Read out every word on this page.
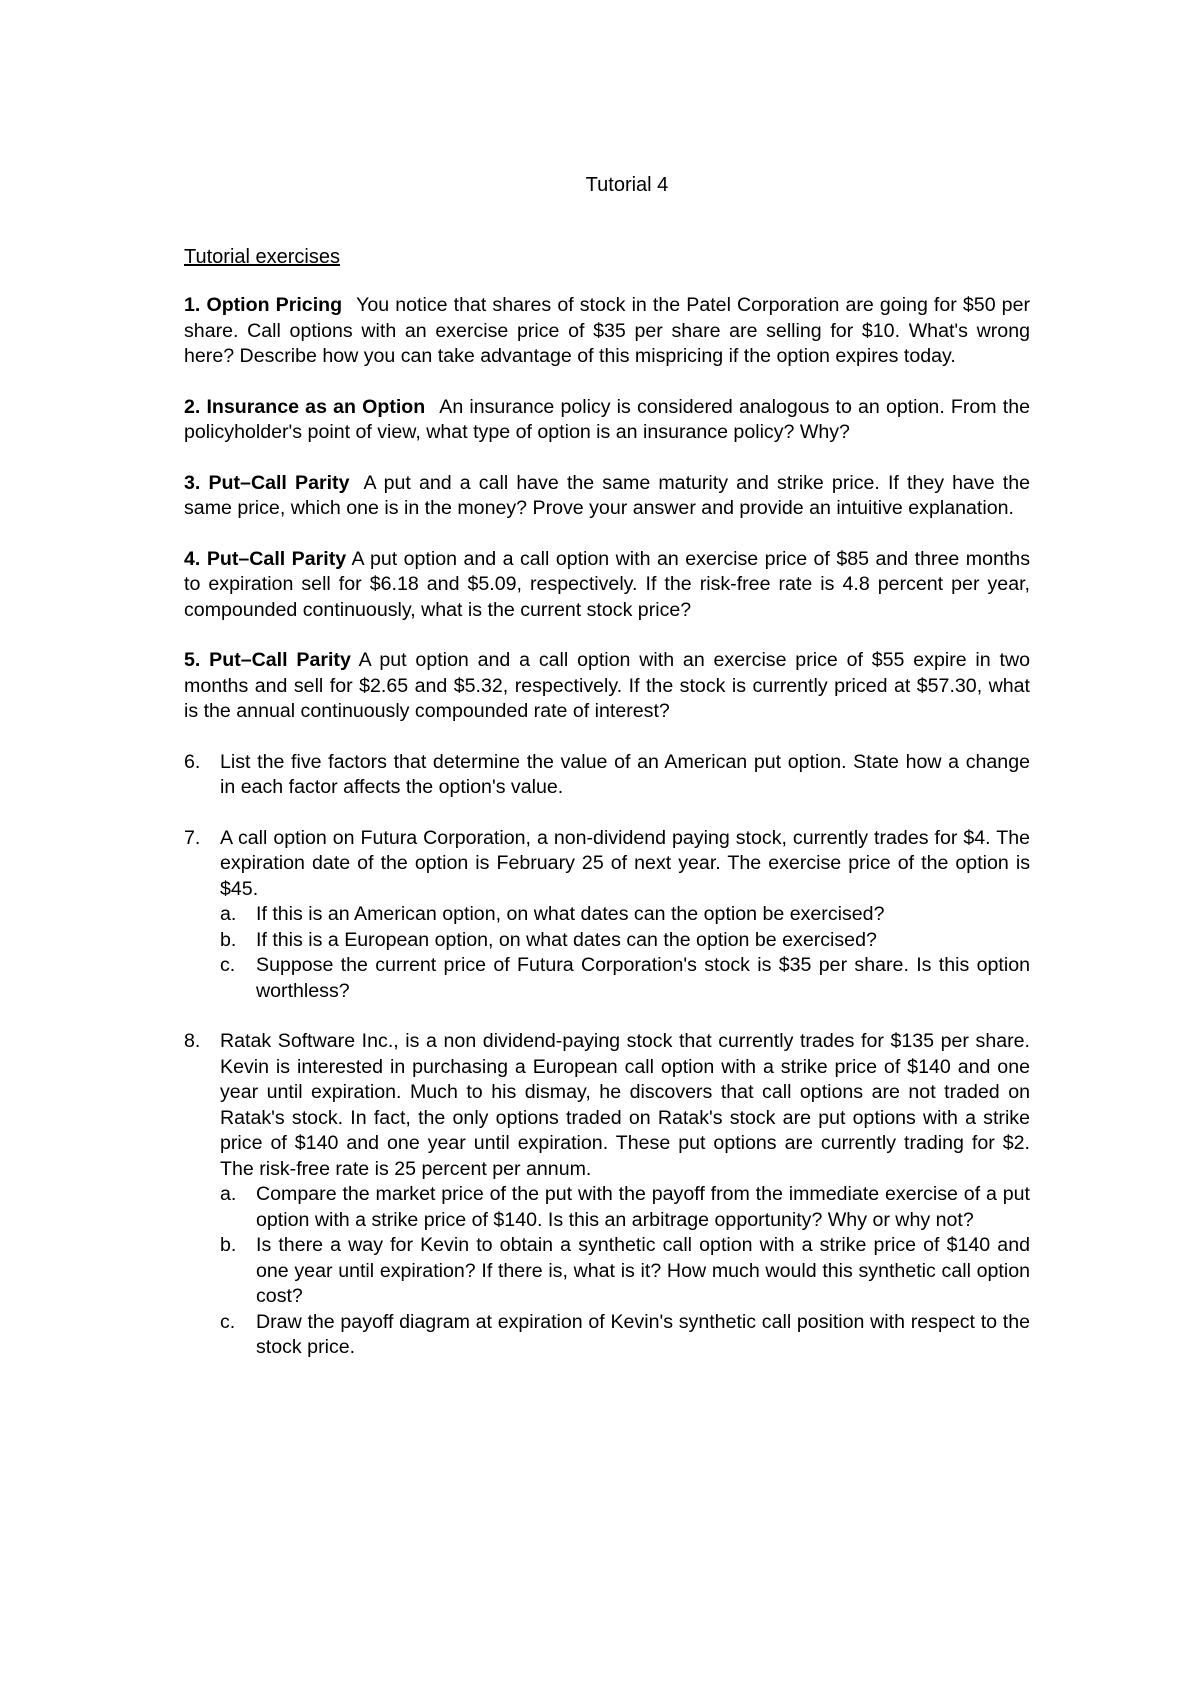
Tutorial 4
Tutorial exercises
1. Option Pricing You notice that shares of stock in the Patel Corporation are going for $50 per share. Call options with an exercise price of $35 per share are selling for $10. What's wrong here? Describe how you can take advantage of this mispricing if the option expires today.
2. Insurance as an Option An insurance policy is considered analogous to an option. From the policyholder's point of view, what type of option is an insurance policy? Why?
3. Put–Call Parity A put and a call have the same maturity and strike price. If they have the same price, which one is in the money? Prove your answer and provide an intuitive explanation.
4. Put–Call Parity A put option and a call option with an exercise price of $85 and three months to expiration sell for $6.18 and $5.09, respectively. If the risk-free rate is 4.8 percent per year, compounded continuously, what is the current stock price?
5. Put–Call Parity A put option and a call option with an exercise price of $55 expire in two months and sell for $2.65 and $5.32, respectively. If the stock is currently priced at $57.30, what is the annual continuously compounded rate of interest?
6. List the five factors that determine the value of an American put option. State how a change in each factor affects the option's value.
7. A call option on Futura Corporation, a non-dividend paying stock, currently trades for $4. The expiration date of the option is February 25 of next year. The exercise price of the option is $45.
a. If this is an American option, on what dates can the option be exercised?
b. If this is a European option, on what dates can the option be exercised?
c. Suppose the current price of Futura Corporation's stock is $35 per share. Is this option worthless?
8. Ratak Software Inc., is a non dividend-paying stock that currently trades for $135 per share. Kevin is interested in purchasing a European call option with a strike price of $140 and one year until expiration. Much to his dismay, he discovers that call options are not traded on Ratak's stock. In fact, the only options traded on Ratak's stock are put options with a strike price of $140 and one year until expiration. These put options are currently trading for $2. The risk-free rate is 25 percent per annum.
a. Compare the market price of the put with the payoff from the immediate exercise of a put option with a strike price of $140. Is this an arbitrage opportunity? Why or why not?
b. Is there a way for Kevin to obtain a synthetic call option with a strike price of $140 and one year until expiration? If there is, what is it? How much would this synthetic call option cost?
c. Draw the payoff diagram at expiration of Kevin's synthetic call position with respect to the stock price.
